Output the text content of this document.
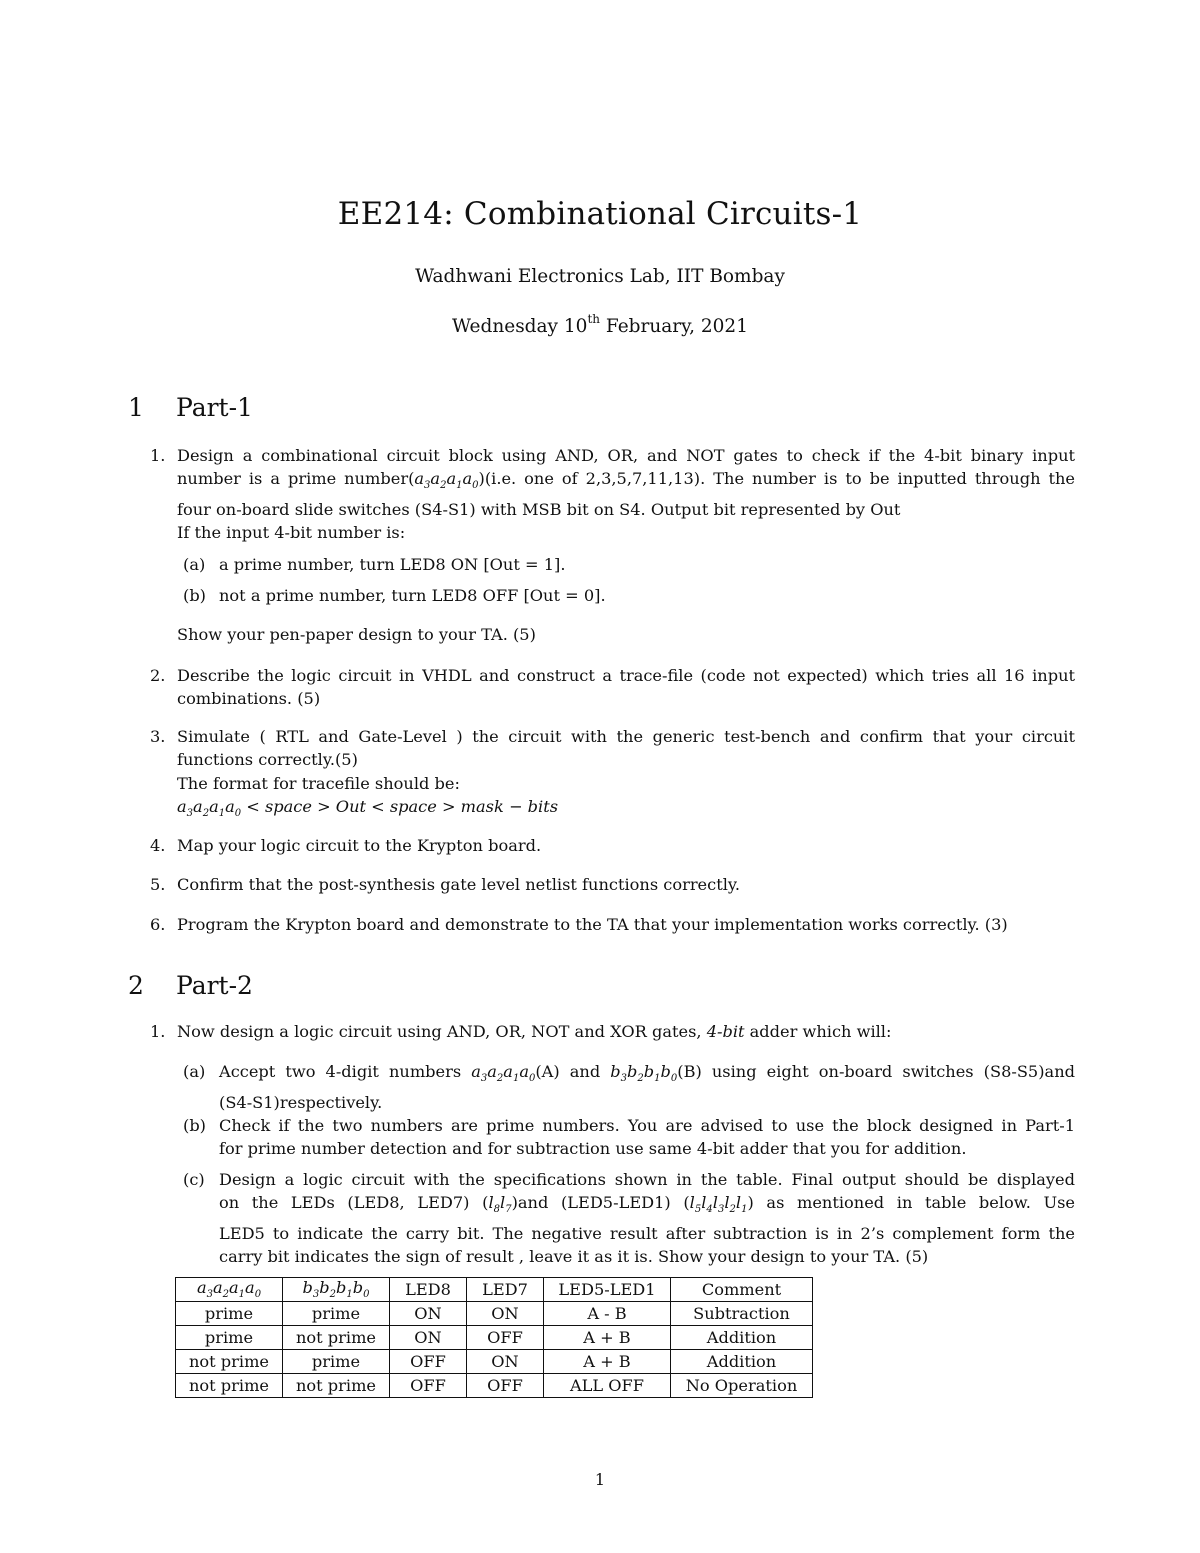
EE214: Combinational Circuits-1
Wadhwani Electronics Lab, IIT Bombay
Wednesday 10th February, 2021
1 Part-1
1. Design a combinational circuit block using AND, OR, and NOT gates to check if the 4-bit binary input
number is a prime $number(a_3a_2a_1a_0)(i.e$. one of 2,3,5,7,11,13). The number is to be inputted through the
four on-board slide switches (S4-S1) with MSB bit on S4. Output bit represented by Out
If the input 4-bit number is:
(a) a prime number, turn LED8 ON [Out = 1].
(b) not a prime number, turn LED8 OFF [Out = 0].
Show your pen-paper design to your TA. (5)
2. Describe the logic circuit in VHDL and construct a trace-file (code not expected) which tries all 16 input
combinations. (5)
3. Simulate ( RTL and Gate-Level ) the circuit with the generic test-bench and confirm that your circuit
functions correctly.(5)
The format for tracefile should be:
$a_3a_2a_1a_0$ < space > Out < space > mask − bits
4. Map your logic circuit to the Krypton board.
5. Confirm that the post-synthesis gate level netlist functions correctly.
6. Program the Krypton board and demonstrate to the TA that your implementation works correctly. (3)
2 Part-2
1. Now design a logic circuit using AND, OR, NOT and XOR gates, 4-bit adder which will:
(a) Accept two 4-digit numbers $a_3a_2a_1a_0(A)$ and $b_3b_2b_1b_0(B)$ using eight on-board switches (S8-S5)and
(S4-S1)respectively.
(b) Check if the two numbers are prime numbers. You are advised to use the block designed in Part-1
for prime number detection and for subtraction use same 4-bit adder that you for addition.
(c) Design a logic circuit with the specifications shown in the table. Final output should be displayed
on the LEDs (LED8, LED7) $(l_8l_7)and$ (LED5-LED1) $(l_5l_4l_3l_2l_1)$ as mentioned in table below. Use
LED5 to indicate the carry bit. The negative result after subtraction is in 2’s complement form the
carry bit indicates the sign of result , leave it as it is. Show your design to your TA. (5)
$a_3a_2a_1a_0$	$b_3b_2b_1b_0$	LED8	LED7	LED5-LED1	Comment
prime	prime	ON	ON	A - B	Subtraction
prime	not prime	ON	OFF	A + B	Addition
not prime	prime	OFF	ON	A + B	Addition
not prime	not prime	OFF	OFF	ALL OFF	No Operation
1
